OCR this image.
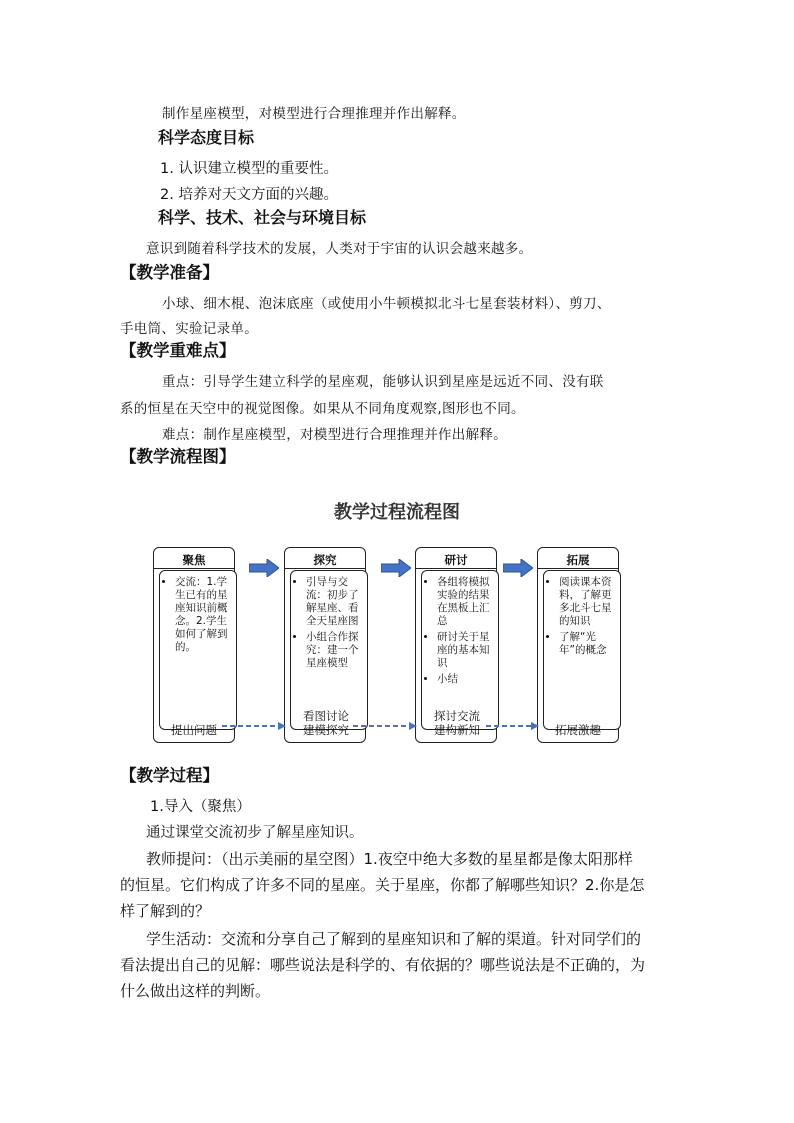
制作星座模型，对模型进行合理推理并作出解释。
科学态度目标
1. 认识建立模型的重要性。
2. 培养对天文方面的兴趣。
科学、技术、社会与环境目标
意识到随着科学技术的发展，人类对于宇宙的认识会越来越多。
【教学准备】
小球、细木棍、泡沫底座（或使用小牛顿模拟北斗七星套装材料）、剪刀、
手电筒、实验记录单。
【教学重难点】
重点：引导学生建立科学的星座观，能够认识到星座是远近不同、没有联
系的恒星在天空中的视觉图像。如果从不同角度观察,图形也不同。
难点：制作星座模型，对模型进行合理推理并作出解释。
【教学流程图】
教学过程流程图
聚焦
• 交流：1.学生已有的星座知识前概念。2.学生如何了解到的。
提出问题
探究
• 引导与交流：初步了解星座、看全天星座图
• 小组合作探究：建一个星座模型
看图讨论 建模探究
研讨
• 各组将模拟实验的结果在黑板上汇总
• 研讨关于星座的基本知识
• 小结
探讨交流 建构新知
拓展
• 阅读课本资料，了解更多北斗七星的知识
• 了解“光年”的概念
拓展激趣
【教学过程】
1.导入（聚焦）
通过课堂交流初步了解星座知识。
教师提问：（出示美丽的星空图）1.夜空中绝大多数的星星都是像太阳那样
的恒星。它们构成了许多不同的星座。关于星座，你都了解哪些知识？2.你是怎
样了解到的？
学生活动：交流和分享自己了解到的星座知识和了解的渠道。针对同学们的
看法提出自己的见解：哪些说法是科学的、有依据的？哪些说法是不正确的，为
什么做出这样的判断。
